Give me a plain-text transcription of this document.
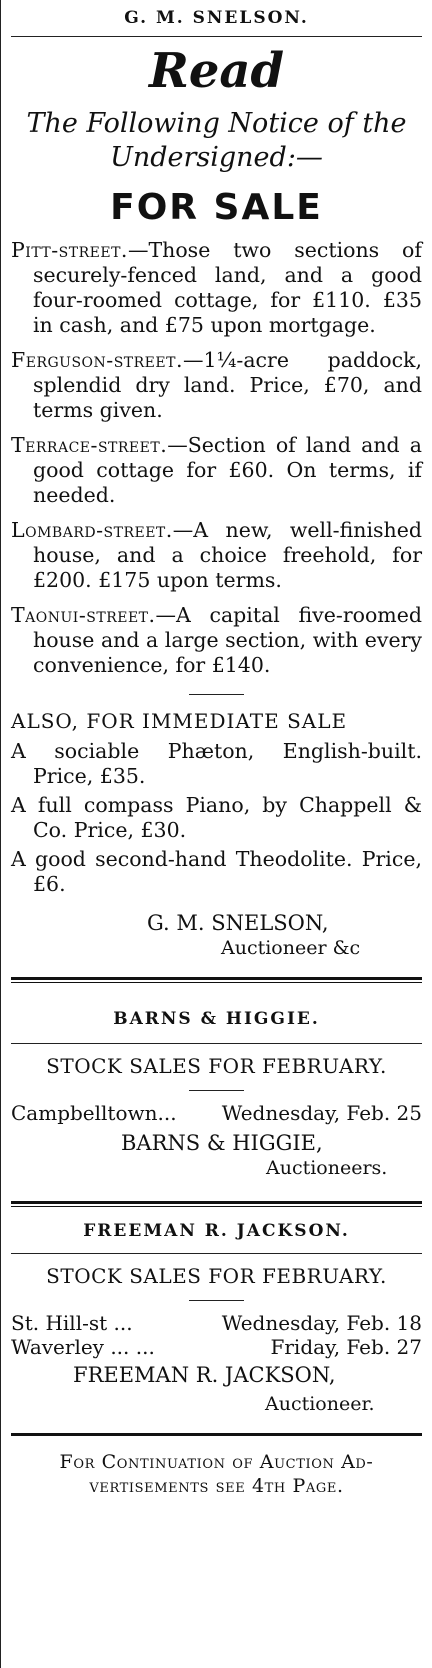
G. M. SNELSON.
Read
The Following Notice of the
Undersigned:—
FOR SALE

Pitt-street.—Those two sections of securely-fenced land, and a good four-roomed cottage, for £110. £35 in cash, and £75 upon mortgage.

Ferguson-street.—1¼-acre paddock, splendid dry land. Price, £70, and terms given.

Terrace-street.—Section of land and a good cottage for £60. On terms, if needed.

Lombard-street.—A new, well-finished house, and a choice freehold, for £200. £175 upon terms.

Taonui-street.—A capital five-roomed house and a large section, with every convenience, for £140.

ALSO, FOR IMMEDIATE SALE

A sociable Phæton, English-built. Price, £35.

A full compass Piano, by Chappell & Co. Price, £30.

A good second-hand Theodolite. Price, £6.

G. M. SNELSON,
Auctioneer &c
BARNS & HIGGIE.
STOCK SALES FOR FEBRUARY.
Campbelltown... Wednesday, Feb. 25
BARNS & HIGGIE,
Auctioneers.
FREEMAN R. JACKSON.
STOCK SALES FOR FEBRUARY.
St. Hill-st ...	Wednesday, Feb. 18
Waverley ... ...	Friday, Feb. 27
FREEMAN R. JACKSON,
Auctioneer.
For Continuation of Auction Ad-
vertisements see 4th Page.
